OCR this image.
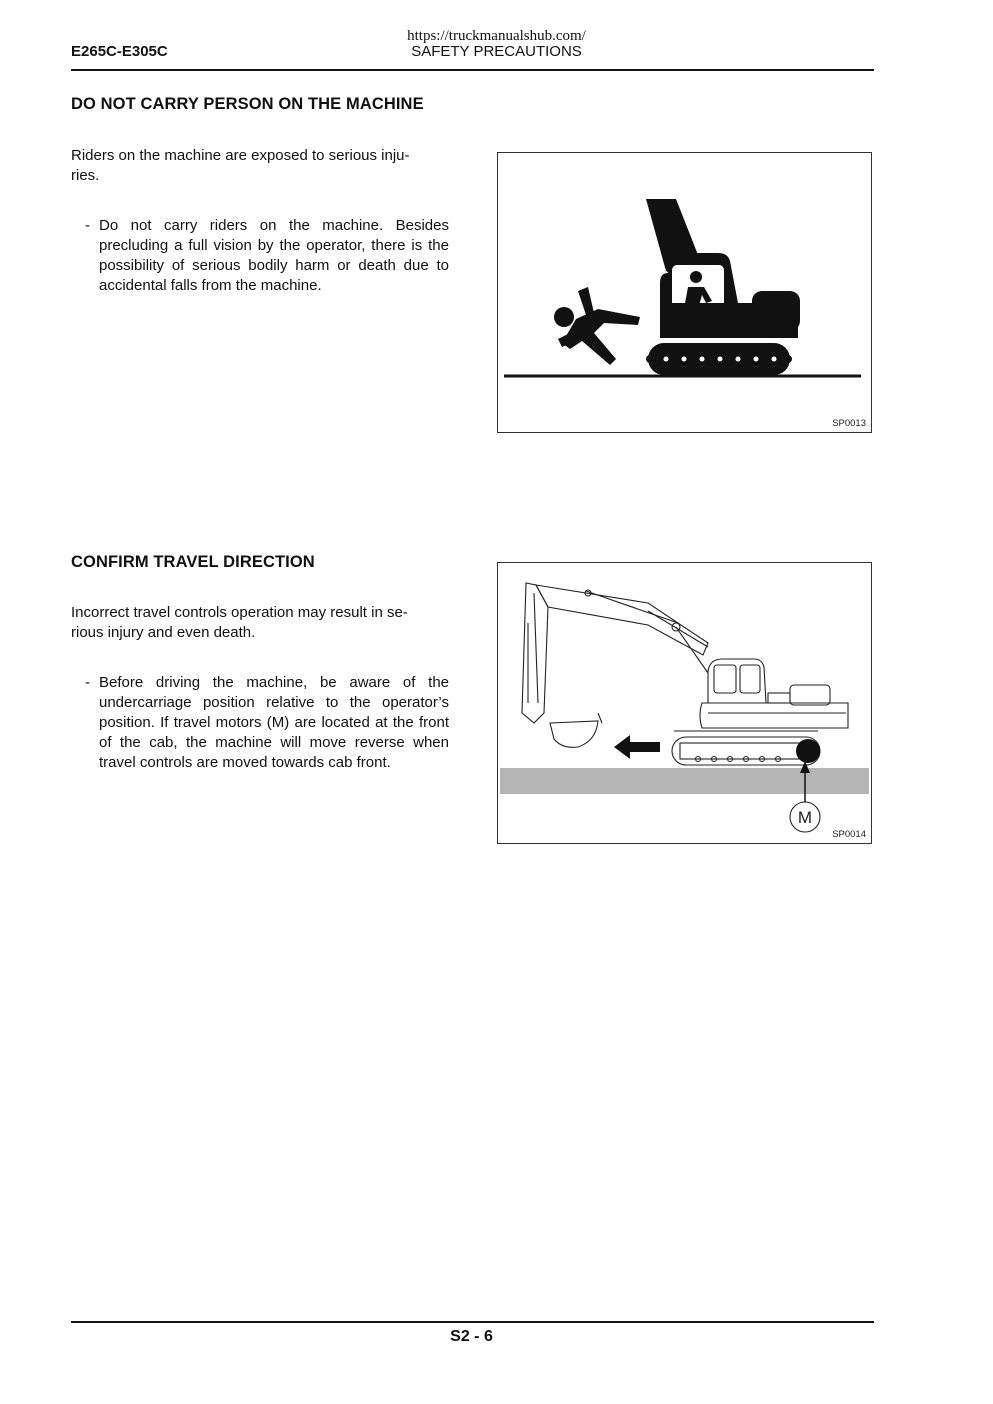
https://truckmanualshub.com/
E265C-E305C	SAFETY PRECAUTIONS
DO NOT CARRY PERSON ON THE MACHINE
Riders on the machine are exposed to serious inju-
ries.
- Do not carry riders on the machine. Besides precluding a full vision by the operator, there is the possibility of serious bodily harm or death due to accidental falls from the machine.
SP0013
CONFIRM TRAVEL DIRECTION
Incorrect travel controls operation may result in se-
rious injury and even death.
- Before driving the machine, be aware of the undercarriage position relative to the operator’s position. If travel motors (M) are located at the front of the cab, the machine will move reverse when travel controls are moved towards cab front.
M
SP0014
S2 - 6
